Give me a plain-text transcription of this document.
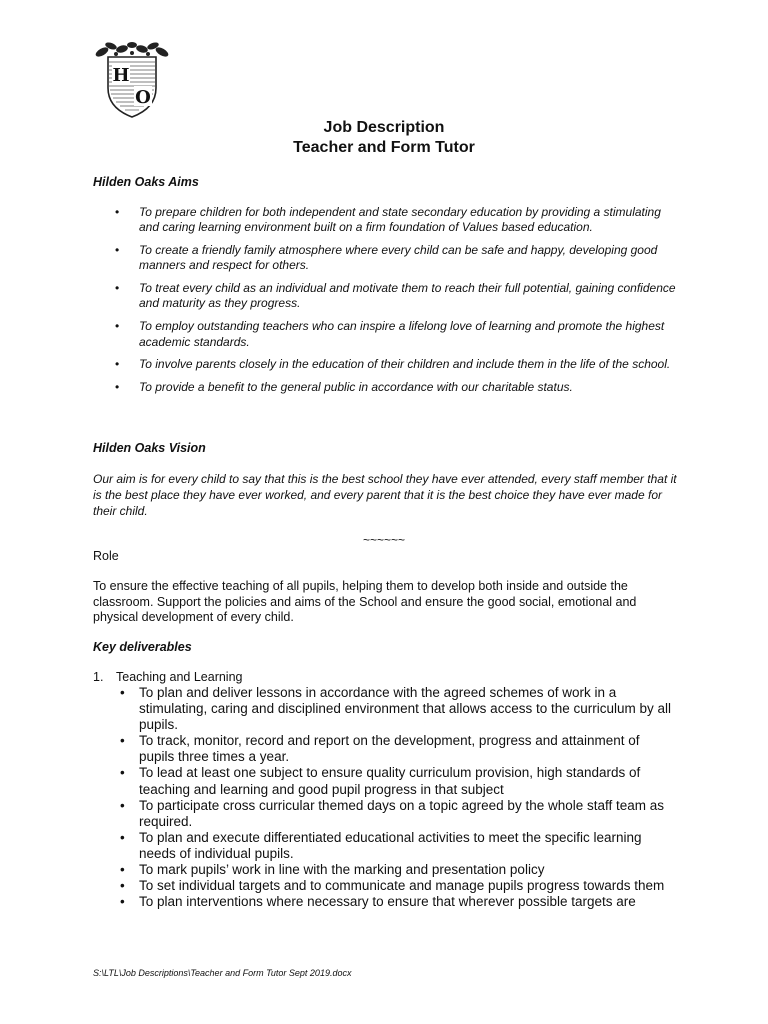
H
O
Job Description
Teacher and Form Tutor
Hilden Oaks Aims
• To prepare children for both independent and state secondary education by providing a stimulating and caring learning environment built on a firm foundation of Values based education.
• To create a friendly family atmosphere where every child can be safe and happy, developing good manners and respect for others.
• To treat every child as an individual and motivate them to reach their full potential, gaining confidence and maturity as they progress.
• To employ outstanding teachers who can inspire a lifelong love of learning and promote the highest academic standards.
• To involve parents closely in the education of their children and include them in the life of the school.
• To provide a benefit to the general public in accordance with our charitable status.
Hilden Oaks Vision

Our aim is for every child to say that this is the best school they have ever attended, every staff member that it is the best place they have ever worked, and every parent that it is the best choice they have ever made for their child.

~~~~~~
Role

To ensure the effective teaching of all pupils, helping them to develop both inside and outside the classroom. Support the policies and aims of the School and ensure the good social, emotional and physical development of every child.

Key deliverables
1. Teaching and Learning
• To plan and deliver lessons in accordance with the agreed schemes of work in a stimulating, caring and disciplined environment that allows access to the curriculum by all pupils.
• To track, monitor, record and report on the development, progress and attainment of pupils three times a year.
• To lead at least one subject to ensure quality curriculum provision, high standards of teaching and learning and good pupil progress in that subject
• To participate cross curricular themed days on a topic agreed by the whole staff team as required.
• To plan and execute differentiated educational activities to meet the specific learning needs of individual pupils.
• To mark pupils’ work in line with the marking and presentation policy
• To set individual targets and to communicate and manage pupils progress towards them
• To plan interventions where necessary to ensure that wherever possible targets are
S:\LTL\Job Descriptions\Teacher and Form Tutor Sept 2019.docx
